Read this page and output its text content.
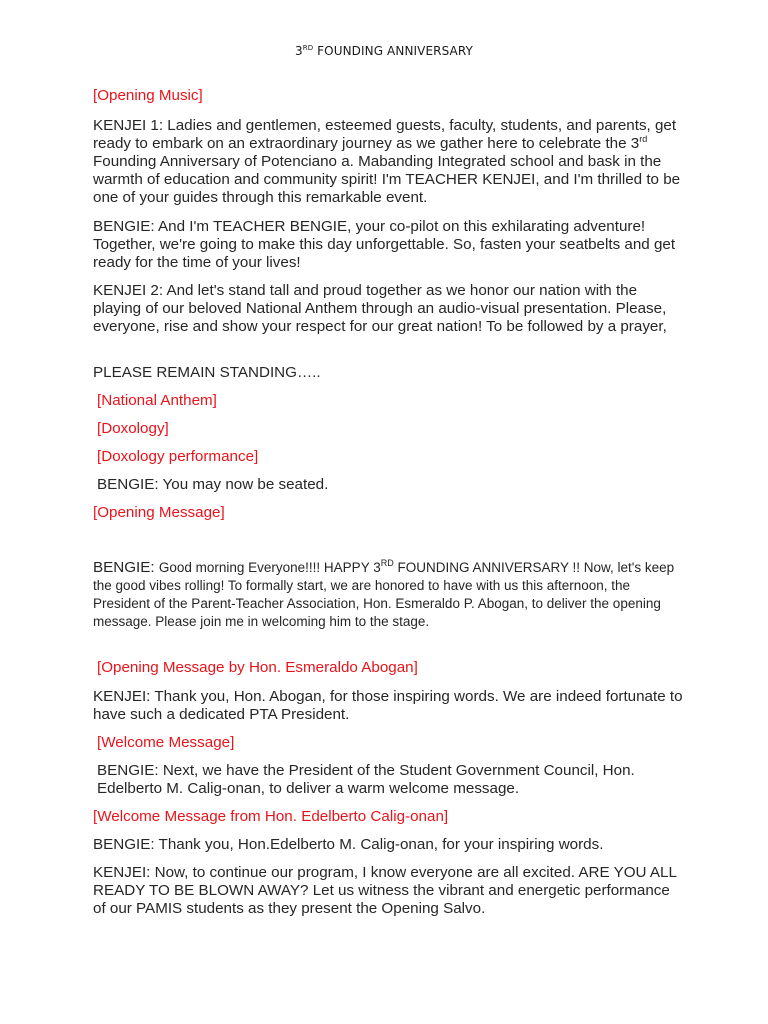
3RD FOUNDING ANNIVERSARY

[Opening Music]

KENJEI 1: Ladies and gentlemen, esteemed guests, faculty, students, and parents, get ready to embark on an extraordinary journey as we gather here to celebrate the 3rd Founding Anniversary of Potenciano a. Mabanding Integrated school and bask in the warmth of education and community spirit! I'm TEACHER KENJEI, and I'm thrilled to be one of your guides through this remarkable event.

BENGIE: And I'm TEACHER BENGIE, your co-pilot on this exhilarating adventure! Together, we're going to make this day unforgettable. So, fasten your seatbelts and get ready for the time of your lives!

KENJEI 2: And let's stand tall and proud together as we honor our nation with the playing of our beloved National Anthem through an audio-visual presentation. Please, everyone, rise and show your respect for our great nation! To be followed by a prayer,

PLEASE REMAIN STANDING…..

[National Anthem]

[Doxology]

[Doxology performance]

BENGIE: You may now be seated.

[Opening Message]

BENGIE: Good morning Everyone!!!! HAPPY 3RD FOUNDING ANNIVERSARY !! Now, let's keep the good vibes rolling! To formally start, we are honored to have with us this afternoon, the President of the Parent-Teacher Association, Hon. Esmeraldo P. Abogan, to deliver the opening message. Please join me in welcoming him to the stage.

[Opening Message by Hon. Esmeraldo Abogan]

KENJEI: Thank you, Hon. Abogan, for those inspiring words. We are indeed fortunate to have such a dedicated PTA President.

[Welcome Message]

BENGIE: Next, we have the President of the Student Government Council, Hon. Edelberto M. Calig-onan, to deliver a warm welcome message.

[Welcome Message from Hon. Edelberto Calig-onan]

BENGIE: Thank you, Hon.Edelberto M. Calig-onan, for your inspiring words.

KENJEI: Now, to continue our program, I know everyone are all excited. ARE YOU ALL READY TO BE BLOWN AWAY? Let us witness the vibrant and energetic performance of our PAMIS students as they present the Opening Salvo.
